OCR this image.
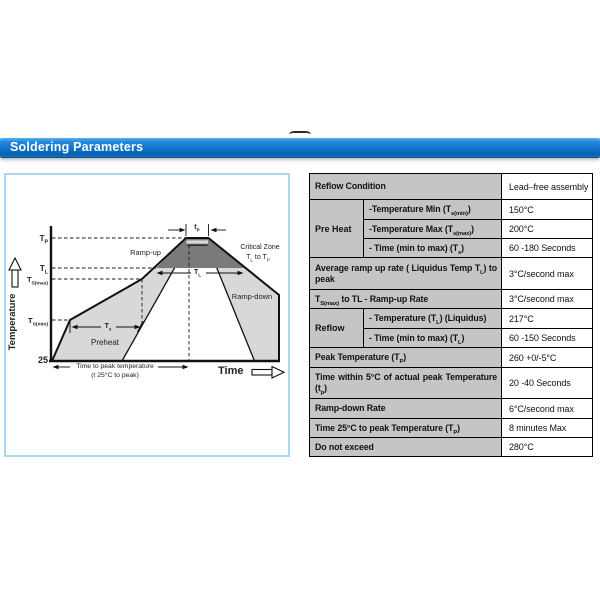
Soldering Parameters
$T_P$
$T_L$
$T_{S(max)}$
$T_{S(min)}$
25
Temperature
Time
Ramp-up	Critical Zone
$T_L$ to $T_P$
Ramp-down
Preheat
$t_P$
$T_L$
$T_s$
Time to peak temperature
(t 25°C to peak)
Reflow Condition		Lead–free assembly
Pre Heat	-Temperature Min $(T_{s(min)})$	150°C
	-Temperature Max $(T_{s(max)})$	200°C
	- Time (min to max) $(T_s)$	60 -180 Seconds
Average ramp up rate ( Liquidus Temp $T_L$) to peak		3°C/second max
$T_{S(max)}$ to TL - Ramp-up Rate		3°C/second max
Reflow	- Temperature $(T_L)$ (Liquidus)	217°C
	- Time (min to max) $(T_L)$	60 -150 Seconds
Peak Temperature $(T_P)$		260 +0/-5°C
Time within 5°C of actual peak Temperature $(t_p)$		20 -40 Seconds
Ramp-down Rate		6°C/second max
Time 25°C to peak Temperature $(T_P)$		8 minutes Max
Do not exceed		280°C
